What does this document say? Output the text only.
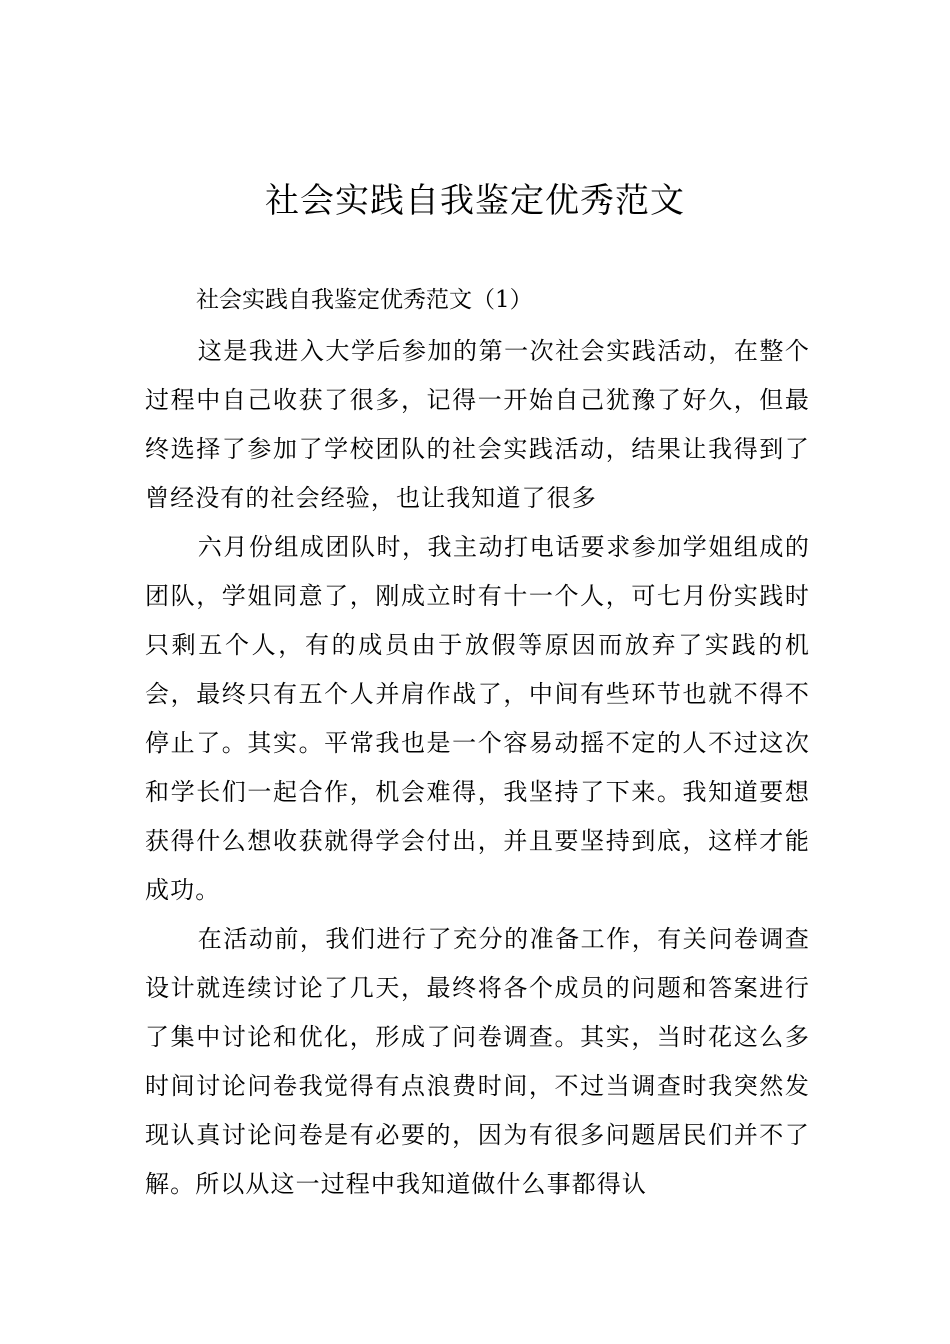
社会实践自我鉴定优秀范文

社会实践自我鉴定优秀范文（1）

这是我进入大学后参加的第一次社会实践活动，在整个过程中自己收获了很多，记得一开始自己犹豫了好久，但最终选择了参加了学校团队的社会实践活动，结果让我得到了曾经没有的社会经验，也让我知道了很多

六月份组成团队时，我主动打电话要求参加学姐组成的团队，学姐同意了，刚成立时有十一个人，可七月份实践时只剩五个人，有的成员由于放假等原因而放弃了实践的机会，最终只有五个人并肩作战了，中间有些环节也就不得不停止了。其实。平常我也是一个容易动摇不定的人不过这次和学长们一起合作，机会难得，我坚持了下来。我知道要想获得什么想收获就得学会付出，并且要坚持到底，这样才能成功。

在活动前，我们进行了充分的准备工作，有关问卷调查设计就连续讨论了几天，最终将各个成员的问题和答案进行了集中讨论和优化，形成了问卷调查。其实，当时花这么多时间讨论问卷我觉得有点浪费时间，不过当调查时我突然发现认真讨论问卷是有必要的，因为有很多问题居民们并不了解。所以从这一过程中我知道做什么事都得认
